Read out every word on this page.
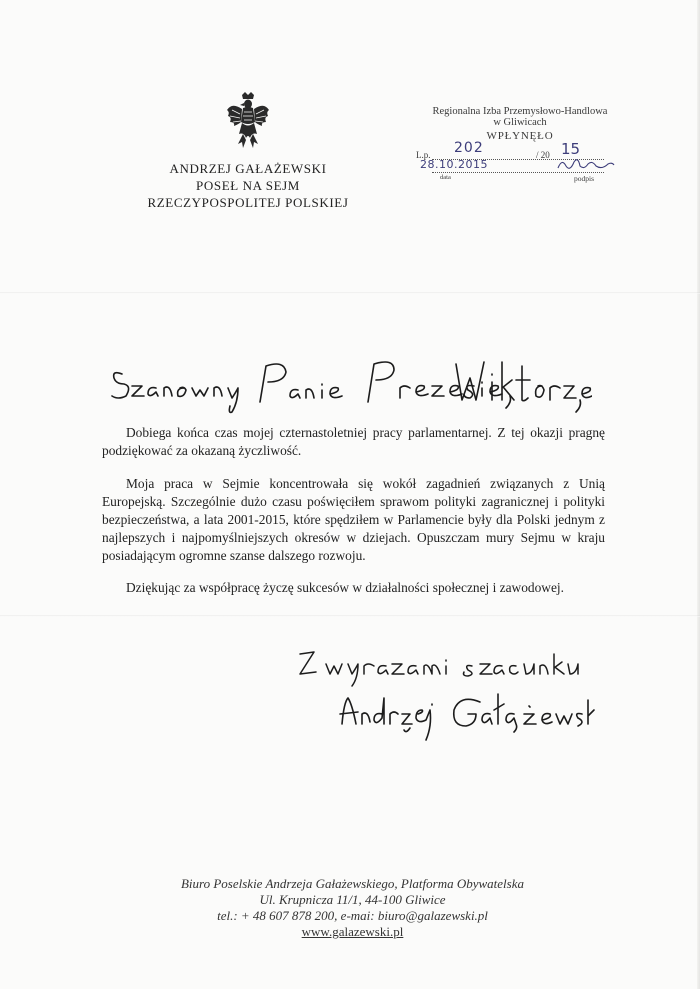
ANDRZEJ GAŁAŻEWSKI
POSEŁ NA SEJM
RZECZYPOSPOLITEJ POLSKIEJ
Regionalna Izba Przemysłowo-Handlowa
w Gliwicach
WPŁYNĘŁO
L.p. 202	/ 20 15
28.10.2015
data	podpis

Dobiega końca czas mojej czternastoletniej pracy parlamentarnej. Z tej okazji pragnę podziękować za okazaną życzliwość.

Moja praca w Sejmie koncentrowała się wokół zagadnień związanych z Unią Europejską. Szczególnie dużo czasu poświęciłem sprawom polityki zagranicznej i polityki bezpieczeństwa, a lata 2001-2015, które spędziłem w Parlamencie były dla Polski jednym z najlepszych i najpomyślniejszych okresów w dziejach. Opuszczam mury Sejmu w kraju posiadającym ogromne szanse dalszego rozwoju.

Dziękując za współpracę życzę sukcesów w działalności społecznej i zawodowej.

Biuro Poselskie Andrzeja Gałażewskiego, Platforma Obywatelska
Ul. Krupnicza 11/1, 44-100 Gliwice
tel.: + 48 607 878 200, e-mai: biuro@galazewski.pl
www.galazewski.pl
